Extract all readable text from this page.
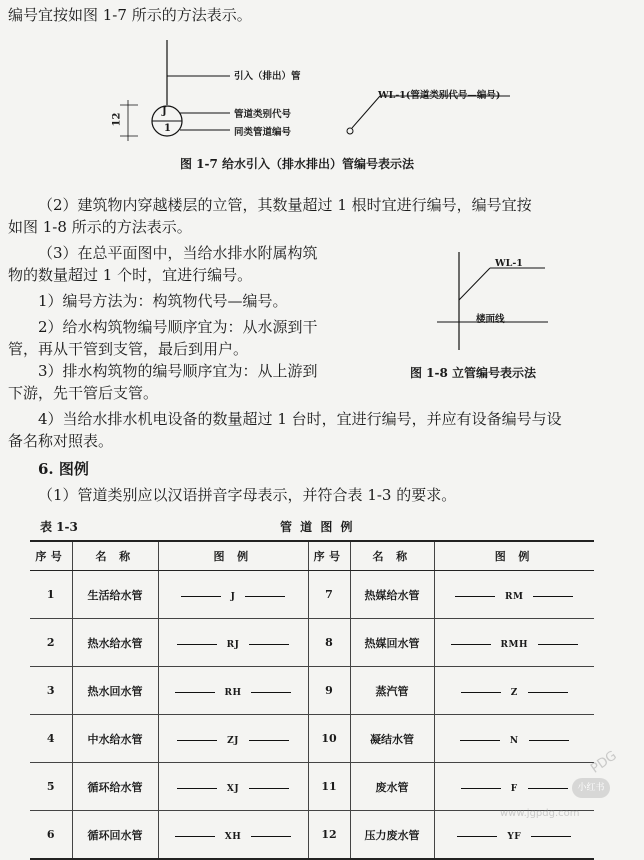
编号宜按如图 1-7 所示的方法表示。
J
1
12
引入（排出）管
管道类别代号
同类管道编号
WL-1(管道类别代号—编号)
图 1-7 给水引入（排水排出）管编号表示法
（2）建筑物内穿越楼层的立管，其数量超过 1 根时宜进行编号，编号宜按
如图 1-8 所示的方法表示。
（3）在总平面图中，当给水排水附属构筑
物的数量超过 1 个时，宜进行编号。
1）编号方法为：构筑物代号—编号。
2）给水构筑物编号顺序宜为：从水源到干
管，再从干管到支管，最后到用户。
3）排水构筑物的编号顺序宜为：从上游到
下游，先干管后支管。
4）当给水排水机电设备的数量超过 1 台时，宜进行编号，并应有设备编号与设
备名称对照表。
6. 图例
（1）管道类别应以汉语拼音字母表示，并符合表 1-3 的要求。
WL-1
楼面线
图 1-8 立管编号表示法
表 1-3	管 道 图 例
序号	名 称	图 例	序号	名 称	图 例
1	生活给水管	J	7	热媒给水管	RM

2	热水给水管	RJ	8	热媒回水管	RMH

3	热水回水管	RH	9	蒸汽管	Z

4	中水给水管	ZJ	10	凝结水管	N

5	循环给水管	XJ	11	废水管	F

6	循环回水管	XH	12	压力废水管	YF
PDG
小红书
www.jgpdg.com
